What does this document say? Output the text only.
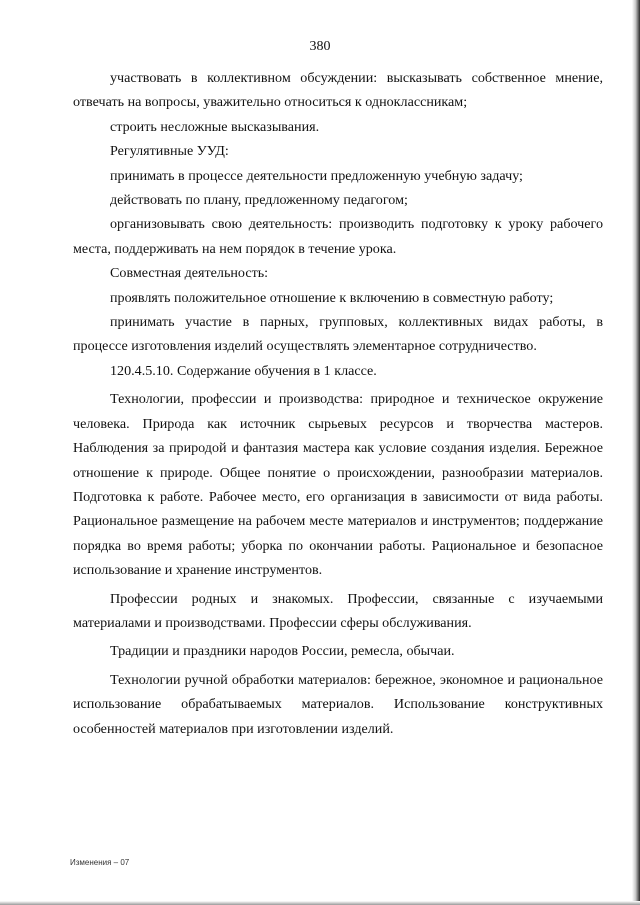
380

участвовать в коллективном обсуждении: высказывать собственное мнение, отвечать на вопросы, уважительно относиться к одноклассникам;

строить несложные высказывания.

Регулятивные УУД:

принимать в процессе деятельности предложенную учебную задачу;

действовать по плану, предложенному педагогом;

организовывать свою деятельность: производить подготовку к уроку рабочего места, поддерживать на нем порядок в течение урока.

Совместная деятельность:

проявлять положительное отношение к включению в совместную работу;

принимать участие в парных, групповых, коллективных видах работы, в процессе изготовления изделий осуществлять элементарное сотрудничество.

120.4.5.10. Содержание обучения в 1 классе.

Технологии, профессии и производства: природное и техническое окружение человека. Природа как источник сырьевых ресурсов и творчества мастеров. Наблюдения за природой и фантазия мастера как условие создания изделия. Бережное отношение к природе. Общее понятие о происхождении, разнообразии материалов. Подготовка к работе. Рабочее место, его организация в зависимости от вида работы. Рациональное размещение на рабочем месте материалов и инструментов; поддержание порядка во время работы; уборка по окончании работы. Рациональное и безопасное использование и хранение инструментов.

Профессии родных и знакомых. Профессии, связанные с изучаемыми материалами и производствами. Профессии сферы обслуживания.

Традиции и праздники народов России, ремесла, обычаи.

Технологии ручной обработки материалов: бережное, экономное и рациональное использование обрабатываемых материалов. Использование конструктивных особенностей материалов при изготовлении изделий.

Изменения – 07
